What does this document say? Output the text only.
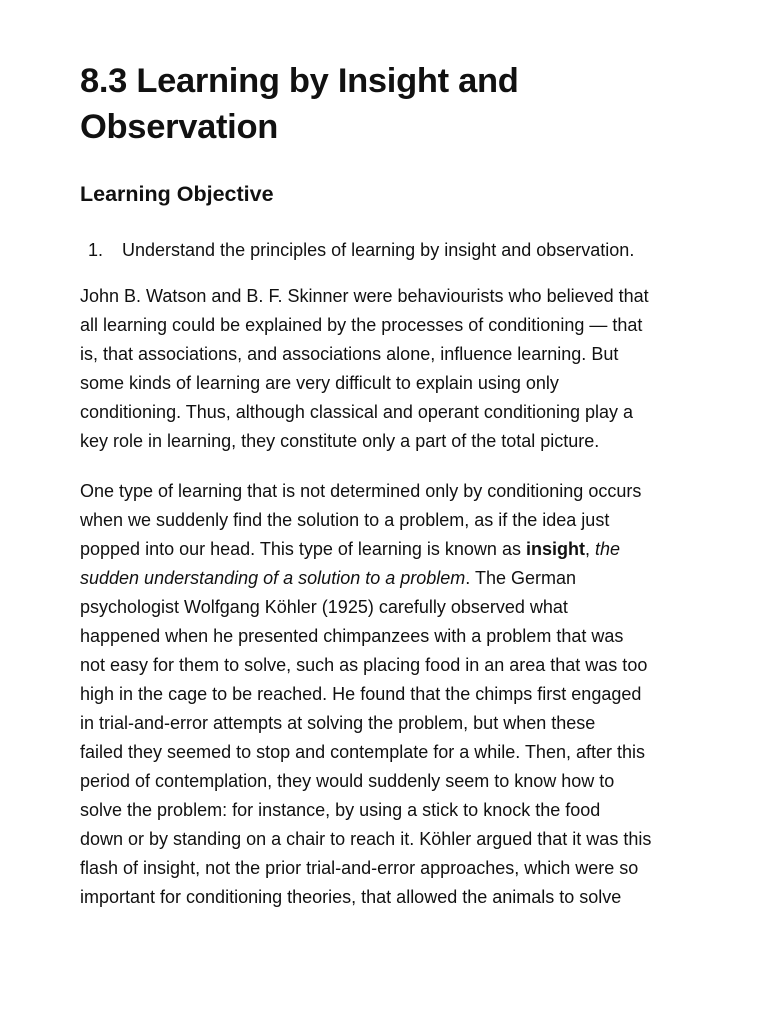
8.3 Learning by Insight and
Observation
Learning Objective
1. Understand the principles of learning by insight and observation.

John B. Watson and B. F. Skinner were behaviourists who believed that
all learning could be explained by the processes of conditioning — that
is, that associations, and associations alone, influence learning. But
some kinds of learning are very difficult to explain using only
conditioning. Thus, although classical and operant conditioning play a
key role in learning, they constitute only a part of the total picture.

One type of learning that is not determined only by conditioning occurs
when we suddenly find the solution to a problem, as if the idea just
popped into our head. This type of learning is known as insight, the
sudden understanding of a solution to a problem. The German
psychologist Wolfgang Köhler (1925) carefully observed what
happened when he presented chimpanzees with a problem that was
not easy for them to solve, such as placing food in an area that was too
high in the cage to be reached. He found that the chimps first engaged
in trial-and-error attempts at solving the problem, but when these
failed they seemed to stop and contemplate for a while. Then, after this
period of contemplation, they would suddenly seem to know how to
solve the problem: for instance, by using a stick to knock the food
down or by standing on a chair to reach it. Köhler argued that it was this
flash of insight, not the prior trial-and-error approaches, which were so
important for conditioning theories, that allowed the animals to solve
